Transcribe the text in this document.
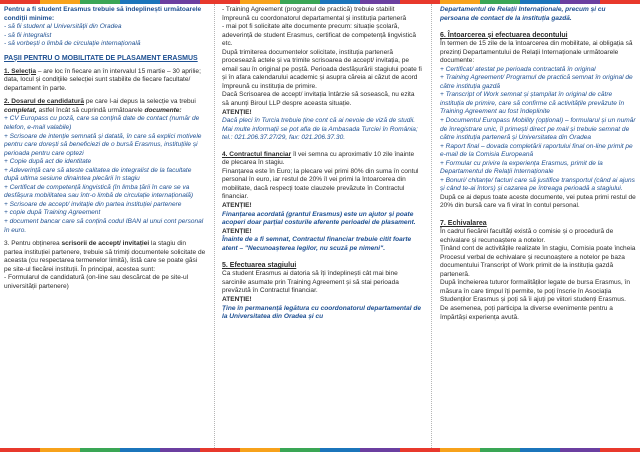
Pentru a fi student Erasmus trebuie să îndeplinești următoarele condiții minime:

- să fii student al Universității din Oradea

- să fii integralist

- să vorbești o limbă de circulație internațională

PAȘII PENTRU O MOBILITATE DE PLASAMENT ERASMUS

1. Selecția – are loc în fiecare an în intervalul 15 martie – 30 aprilie; data, locul și condițiile selecției sunt stabilite de fiecare facultate/ departament în parte.

2. Dosarul de candidatură pe care l-ai depus la selecție va trebui completat, astfel încât să cuprindă următoarele documente:

+ CV Europass cu poză, care sa conțină date de contact (număr de telefon, e-mail valabile)

+ Scrisoare de intenție semnată și datată, în care să explici motivele pentru care dorești să beneficiezi de o bursă Erasmus, instituțiile și perioada pentru care optezi

+ Copie după act de identitate

+ Adeverință care să ateste calitatea de integralist de la facultate după ultima sesiune dinaintea plecării în stagiu

+ Certificat de competență lingvistică (în limba țării în care se va desfășura mobilitatea sau într-o limbă de circulație internațională)

+ Scrisoare de accept/ invitație din partea instituției partenere

+ copie după Training Agreement

+ document bancar care să conțină codul IBAN al unui cont personal în euro.

3. Pentru obținerea scrisorii de accept/ invitației la stagiu din partea instituției partenere, trebuie să trimiți documentele solicitate de aceasta (cu respectarea termenelor limită), listă care se poate găsi pe site-ul fiecărei instituții. În principal, acestea sunt:

- Formularul de candidatură (on-line sau descărcat de pe site-ul universității partenere)

- Training Agreement (programul de practică) trebuie stabilit împreună cu coordonatorul departamental și instituția parteneră

- mai pot fi solicitate alte documente precum: situație școlară, adeverință de student Erasmus, certificat de competență lingvistică etc.

După trimiterea documentelor solicitate, instituția parteneră procesează actele și va trimite scrisoarea de accept/ invitația, pe email sau în original pe poștă. Perioada desfășurării stagiului poate fi și în afara calendarului academic și asupra căreia ai căzut de acord împreună cu instituția de primire.

Dacă Scrisoarea de accept/ invitația întârzie să sosească, nu ezita să anunți Biroul LLP despre aceasta situație.

ATENȚIE!

Dacă pleci în Turcia trebuie ține cont că ai nevoie de viză de studii. Mai multe informații se pot afla de la Ambasada Turciei în România; tel.: 021.206.37.27/29, fax: 021.206.37.30.

4. Contractul financiar îl vei semna cu aproximativ 10 zile înainte de plecarea în stagiu.

Finanțarea este în Euro; la plecare vei primi 80% din suma în contul personal în euro, iar restul de 20% îl vei primi la întoarcerea din mobilitate, dacă respecți toate clauzele prevăzute în Contractul financiar.

ATENȚIE!

Finanțarea acordată (grantul Erasmus) este un ajutor și poate acoperi doar parțial costurile aferente perioadei de plasament.

ATENȚIE!

Înainte de a fi semnat, Contractul financiar trebuie citit foarte atent – "Necunoașterea legilor, nu scuză pe nimeni".

5. Efectuarea stagiului

Ca student Erasmus ai datoria să îți îndeplinești cât mai bine sarcinile asumate prin Training Agreement și să stai perioada prevăzută în Contractul financiar.

ATENȚIE!

Ține în permanență legătura cu coordonatorul departamental de la Universitatea din Oradea și cu

Departamentul de Relații Internaționale, precum și cu persoana de contact de la instituția gazdă.

6. Întoarcerea și efectuarea decontului

În termen de 15 zile de la întoarcerea din mobilitate, ai obligația să prezinți Departamentului de Relații Internaționale următoarele documente:

+ Certificat/ atestat pe perioada contractată în original

+ Training Agreement/ Programul de practică semnat în original de către instituția gazdă

+ Transcript of Work semnat și ștampilat în original de către instituția de primire, care să confirme că activitățile prevăzute în Training Agreement au fost îndeplinite

+ Documentul Europass Mobility (opțional) – formularul și un număr de înregistrare unic, îl primești direct pe mail și trebuie semnat de către instituția parteneră și Universitatea din Oradea

+ Raport final – dovada completării raportului final on-line primit pe e-mail de la Comisia Europeană

+ Formular cu privire la experiența Erasmus, primit de la Departamentul de Relații Internaționale

+ Bonuri/ chitanțe/ facturi care să justifice transportul (când ai ajuns și când te-ai întors) și cazarea pe întreaga perioadă a stagiului.

După ce ai depus toate aceste documente, vei putea primi restul de 20% din bursă care va fi virat în contul personal.

7. Echivalarea

În cadrul fiecărei facultăți există o comisie și o procedură de echivalare și recunoaștere a notelor.

Ținând cont de activitățile realizate în stagiu, Comisia poate încheia Procesul verbal de echivalare și recunoaștere a notelor pe baza documentului Transcript of Work primit de la instituția gazdă parteneră.

După încheierea tuturor formalităților legate de bursa Erasmus, în măsura în care timpul îți permite, te poți înscrie în Asociația Studenților Erasmus și poți să îi ajuți pe viitori studenți Erasmus. De asemenea, poți participa la diverse evenimente pentru a împărtăși experiența avută.
